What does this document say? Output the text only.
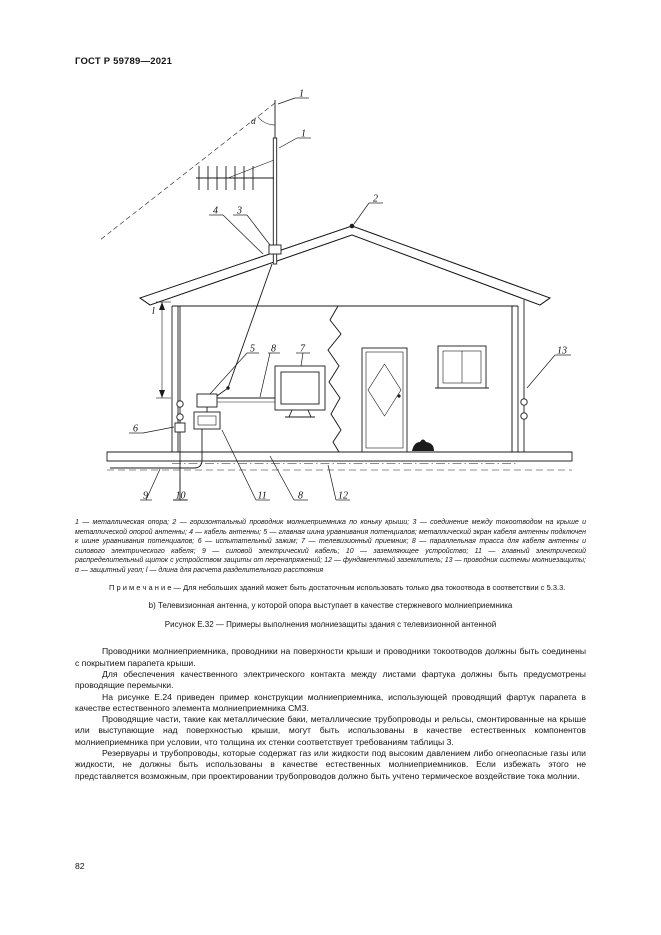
ГОСТ Р 59789—2021
α
l
1
1
2
4 3
5 8 7	13
6
9	10	11	8	12
1 — металлическая опора; 2 — горизонтальный проводник молниеприемника по коньку крыши; 3 — соединение между токоотводом на крыше и металлической опорой антенны; 4 — кабель антенны; 5 — главная шина уравнивания потенциалов; металлический экран кабеля антенны подключен к шине уравнивания потенциалов; 6 — испытательный зажим; 7 — телевизионный приемник; 8 — параллельная трасса для кабеля антенны и силового электрического кабеля; 9 — силовой электрический кабель; 10 — заземляющее устройство; 11 — главный электрический распределительный щиток с устройством защиты от перенапряжений; 12 — фундаментный заземлитель; 13 — проводник системы молниезащиты; α — защитный угол; l — длина для расчета разделительного расстояния
П р и м е ч а н и е — Для небольших зданий может быть достаточным использовать только два токоотвода в соответствии с 5.3.3.
b) Телевизионная антенна, у которой опора выступает в качестве стержневого молниеприемника
Рисунок Е.32 — Примеры выполнения молниезащиты здания с телевизионной антенной

Проводники молниеприемника, проводники на поверхности крыши и проводники токоотводов должны быть соединены с покрытием парапета крыши.

Для обеспечения качественного электрического контакта между листами фартука должны быть предусмотрены проводящие перемычки.

На рисунке Е.24 приведен пример конструкции молниеприемника, использующей проводящий фартук парапета в качестве естественного элемента молниеприемника СМЗ.

Проводящие части, такие как металлические баки, металлические трубопроводы и рельсы, смонтированные на крыше или выступающие над поверхностью крыши, могут быть использованы в качестве естественных компонентов молниеприемника при условии, что толщина их стенки соответствует требованиям таблицы 3.

Резервуары и трубопроводы, которые содержат газ или жидкости под высоким давлением либо огнеопасные газы или жидкости, не должны быть использованы в качестве естественных молниеприемников. Если избежать этого не представляется возможным, при проектировании трубопроводов должно быть учтено термическое воздействие тока молнии.

82
